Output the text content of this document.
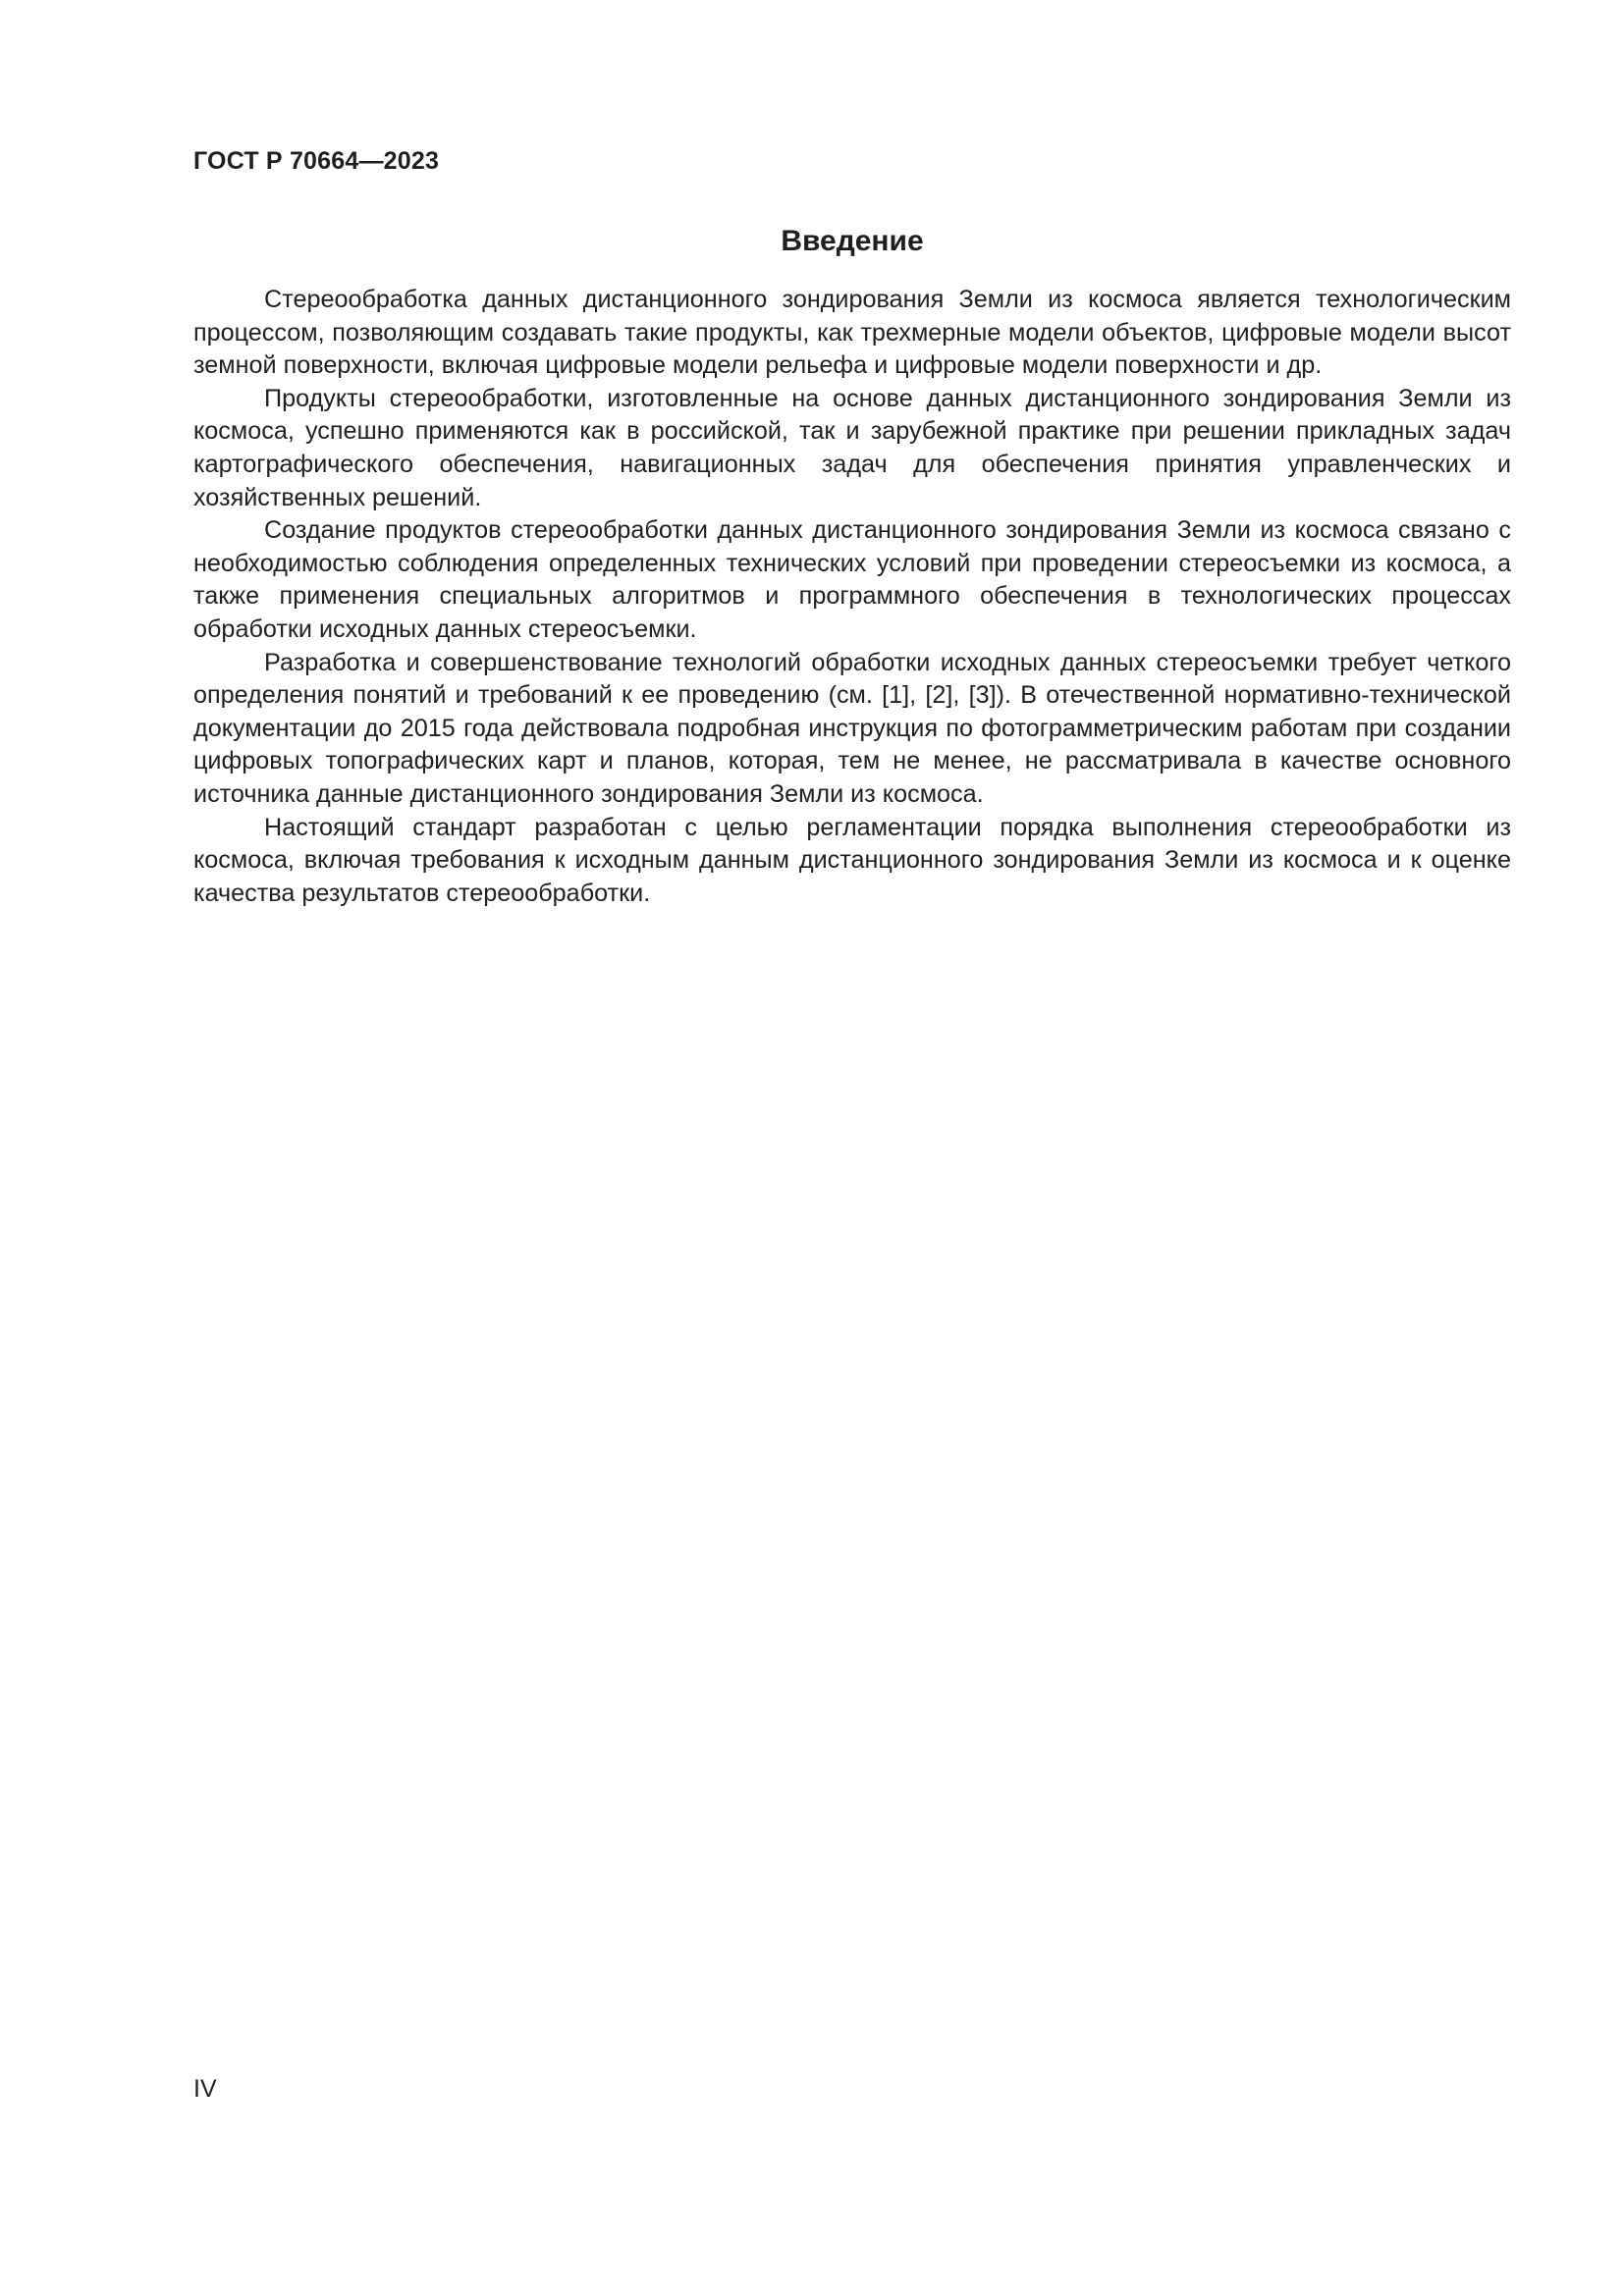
ГОСТ Р 70664—2023

Введение

Стереообработка данных дистанционного зондирования Земли из космоса является технологическим процессом, позволяющим создавать такие продукты, как трехмерные модели объектов, цифровые модели высот земной поверхности, включая цифровые модели рельефа и цифровые модели поверхности и др.

Продукты стереообработки, изготовленные на основе данных дистанционного зондирования Земли из космоса, успешно применяются как в российской, так и зарубежной практике при решении прикладных задач картографического обеспечения, навигационных задач для обеспечения принятия управленческих и хозяйственных решений.

Создание продуктов стереообработки данных дистанционного зондирования Земли из космоса связано с необходимостью соблюдения определенных технических условий при проведении стереосъемки из космоса, а также применения специальных алгоритмов и программного обеспечения в технологических процессах обработки исходных данных стереосъемки.

Разработка и совершенствование технологий обработки исходных данных стереосъемки требует четкого определения понятий и требований к ее проведению (см. [1], [2], [3]). В отечественной нормативно-технической документации до 2015 года действовала подробная инструкция по фотограмметрическим работам при создании цифровых топографических карт и планов, которая, тем не менее, не рассматривала в качестве основного источника данные дистанционного зондирования Земли из космоса.

Настоящий стандарт разработан с целью регламентации порядка выполнения стереообработки из космоса, включая требования к исходным данным дистанционного зондирования Земли из космоса и к оценке качества результатов стереообработки.

IV
